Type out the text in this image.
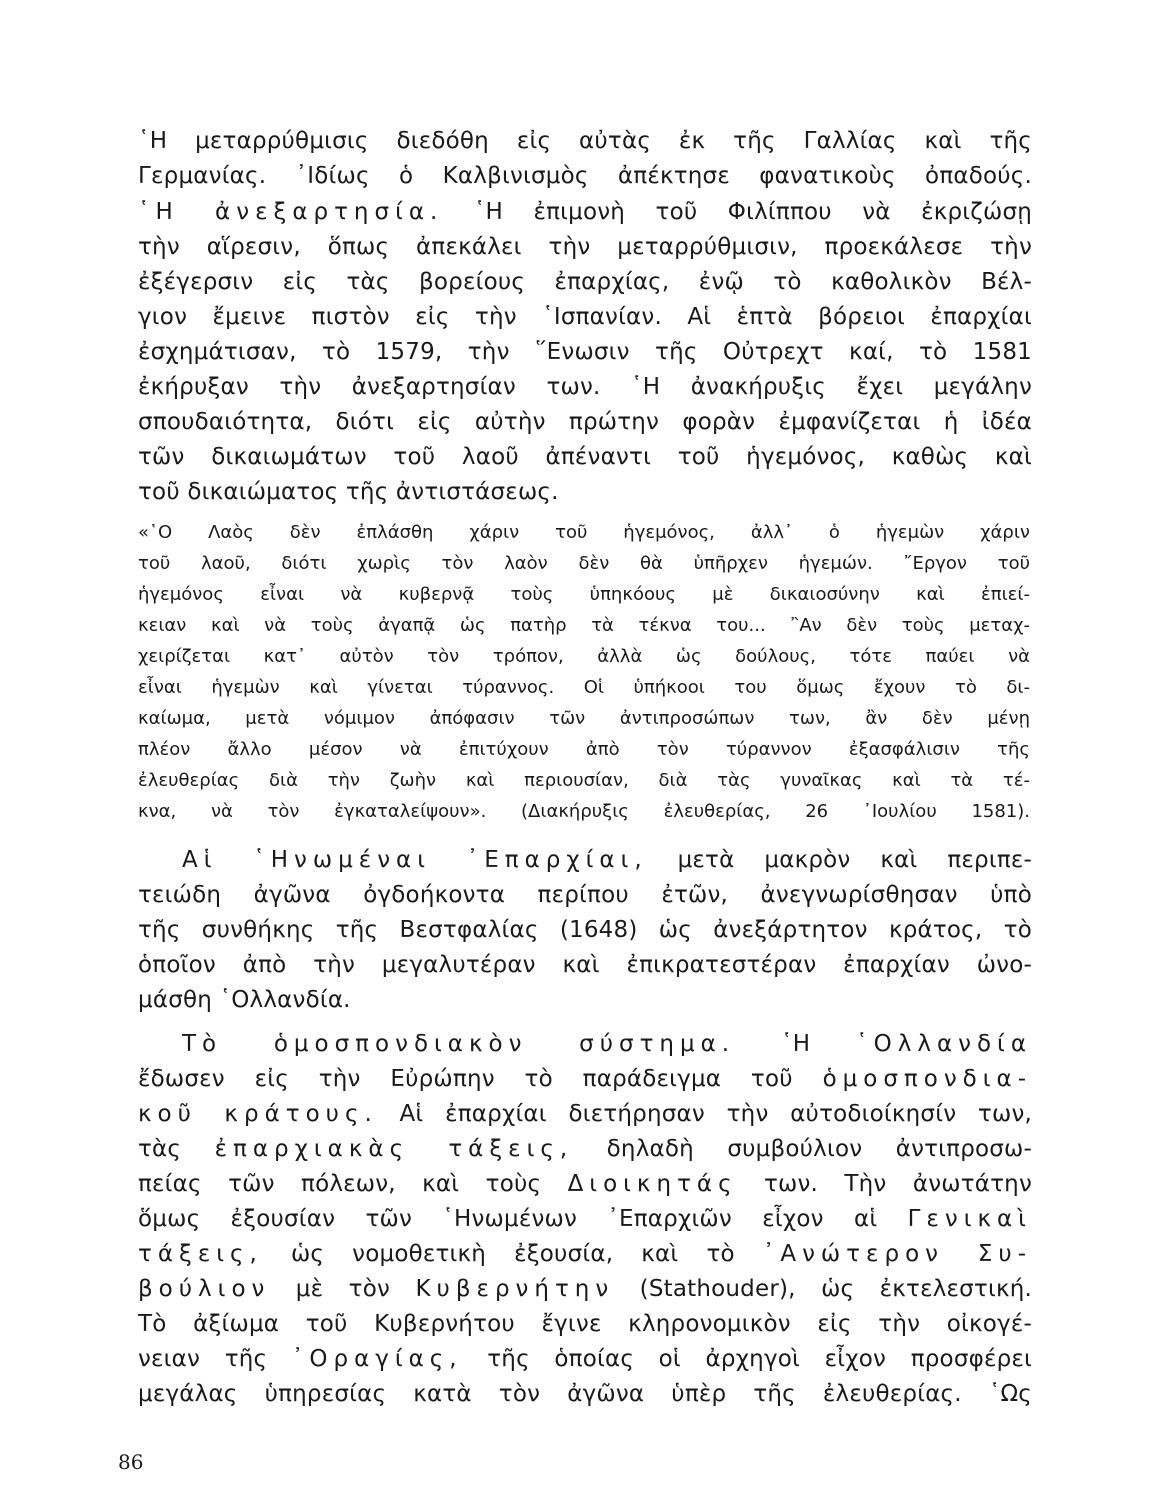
῾Η μεταρρύθμισις διεδόθη εἰς αὐτὰς ἐκ τῆς Γαλλίας καὶ τῆς

Γερμανίας. ᾿Ιδίως ὁ Καλβινισμὸς ἀπέκτησε φανατικοὺς ὀπαδούς.

῾Η ἀνεξαρτησία. ῾Η ἐπιμονὴ τοῦ Φιλίππου νὰ ἐκριζώσῃ

τὴν αἵρεσιν, ὅπως ἀπεκάλει τὴν μεταρρύθμισιν, προεκάλεσε τὴν

ἐξέγερσιν εἰς τὰς βορείους ἐπαρχίας, ἐνῷ τὸ καθολικὸν Βέλ-

γιον ἔμεινε πιστὸν εἰς τὴν ῾Ισπανίαν. Αἱ ἑπτὰ βόρειοι ἐπαρχίαι

ἐσχημάτισαν, τὸ 1579, τὴν ῞Ενωσιν τῆς Οὐτρεχτ καί, τὸ 1581

ἐκήρυξαν τὴν ἀνεξαρτησίαν των. ῾Η ἀνακήρυξις ἔχει μεγάλην

σπουδαιότητα, διότι εἰς αὐτὴν πρώτην φορὰν ἐμφανίζεται ἡ ἰδέα

τῶν δικαιωμάτων τοῦ λαοῦ ἀπέναντι τοῦ ἡγεμόνος, καθὼς καὶ

τοῦ δικαιώματος τῆς ἀντιστάσεως.

«῾Ο Λαὸς δὲν ἐπλάσθη χάριν τοῦ ἡγεμόνος, ἀλλ᾽ ὁ ἡγεμὼν χάριν

τοῦ λαοῦ, διότι χωρὶς τὸν λαὸν δὲν θὰ ὑπῆρχεν ἡγεμών. ῎Εργον τοῦ

ἡγεμόνος εἶναι νὰ κυβερνᾷ τοὺς ὑπηκόους μὲ δικαιοσύνην καὶ ἐπιεί-

κειαν καὶ νὰ τοὺς ἀγαπᾷ ὡς πατὴρ τὰ τέκνα του... ῍Αν δὲν τοὺς μεταχ-

χειρίζεται κατ᾽ αὐτὸν τὸν τρόπον, ἀλλὰ ὡς δούλους, τότε παύει νὰ

εἶναι ἡγεμὼν καὶ γίνεται τύραννος. Οἱ ὑπήκοοι του ὅμως ἔχουν τὸ δι-

καίωμα, μετὰ νόμιμον ἀπόφασιν τῶν ἀντιπροσώπων των, ἂν δὲν μένῃ

πλέον ἄλλο μέσον νὰ ἐπιτύχουν ἀπὸ τὸν τύραννον ἐξασφάλισιν τῆς

ἐλευθερίας διὰ τὴν ζωὴν καὶ περιουσίαν, διὰ τὰς γυναῖκας καὶ τὰ τέ-

κνα, νὰ τὸν ἐγκαταλείψουν». (Διακήρυξις ἐλευθερίας, 26 ᾿Ιουλίου 1581).

Αἱ ῾Ηνωμέναι ᾿Επαρχίαι, μετὰ μακρὸν καὶ περιπε-

τειώδη ἀγῶνα ὀγδοήκοντα περίπου ἐτῶν, ἀνεγνωρίσθησαν ὑπὸ

τῆς συνθήκης τῆς Βεστφαλίας (1648) ὡς ἀνεξάρτητον κράτος, τὸ

ὁποῖον ἀπὸ τὴν μεγαλυτέραν καὶ ἐπικρατεστέραν ἐπαρχίαν ὠνο-

μάσθη ῾Ολλανδία.

Τὸ ὁμοσπονδιακὸν σύστημα. ῾Η ῾Ολλανδία

ἔδωσεν εἰς τὴν Εὐρώπην τὸ παράδειγμα τοῦ ὁμοσπονδια-

κοῦ κράτους. Αἱ ἐπαρχίαι διετήρησαν τὴν αὐτοδιοίκησίν των,

τὰς ἐπαρχιακὰς τάξεις, δηλαδὴ συμβούλιον ἀντιπροσω-

πείας τῶν πόλεων, καὶ τοὺς Διοικητάς των. Τὴν ἀνωτάτην

ὅμως ἐξουσίαν τῶν ῾Ηνωμένων ᾿Επαρχιῶν εἶχον αἱ Γενικαὶ

τάξεις, ὡς νομοθετικὴ ἐξουσία, καὶ τὸ ᾿Ανώτερον Συ-

βούλιον μὲ τὸν Κυβερνήτην (Stathouder), ὡς ἐκτελεστική.

Τὸ ἀξίωμα τοῦ Κυβερνήτου ἔγινε κληρονομικὸν εἰς τὴν οἰκογέ-

νειαν τῆς ᾿Οραγίας, τῆς ὁποίας οἱ ἀρχηγοὶ εἶχον προσφέρει

μεγάλας ὑπηρεσίας κατὰ τὸν ἀγῶνα ὑπὲρ τῆς ἐλευθερίας. ῾Ως

86
